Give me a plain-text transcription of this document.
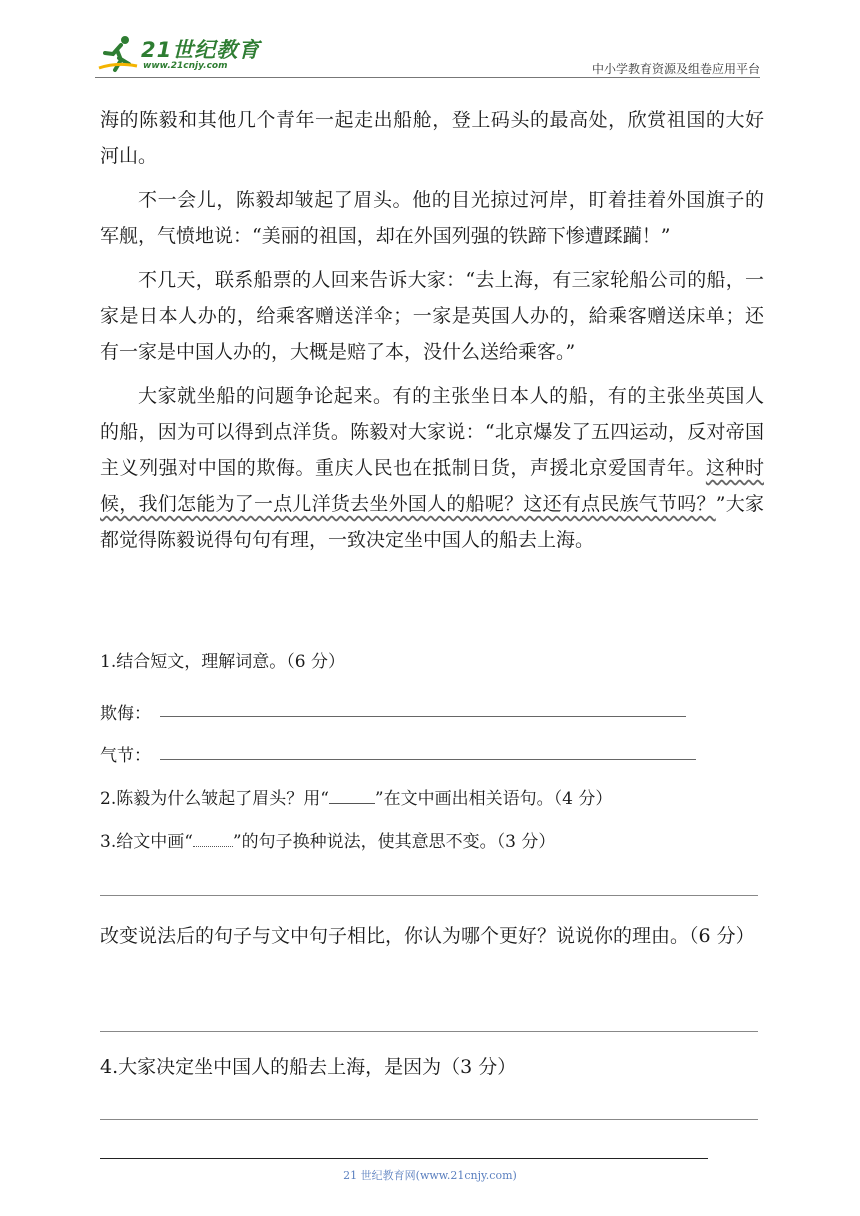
21世纪教育
www.21cnjy.com	中小学教育资源及组卷应用平台

海的陈毅和其他几个青年一起走出船舱，登上码头的最高处，欣赏祖国的大好河山。

不一会儿，陈毅却皱起了眉头。他的目光掠过河岸，盯着挂着外国旗子的军舰，气愤地说：“美丽的祖国，却在外国列强的铁蹄下惨遭蹂躏！”

不几天，联系船票的人回来告诉大家：“去上海，有三家轮船公司的船，一家是日本人办的，给乘客赠送洋伞；一家是英国人办的，給乘客赠送床单；还有一家是中国人办的，大概是赔了本，没什么送给乘客。”

大家就坐船的问题争论起来。有的主张坐日本人的船，有的主张坐英国人的船，因为可以得到点洋货。陈毅对大家说：“北京爆发了五四运动，反对帝国主义列强对中国的欺侮。重庆人民也在抵制日货，声援北京爱国青年。这种时候，我们怎能为了一点儿洋货去坐外国人的船呢？这还有点民族气节吗？”大家都觉得陈毅说得句句有理，一致决定坐中国人的船去上海。

1.结合短文，理解词意。（6 分）
欺侮：
气节：
2.陈毅为什么皱起了眉头？用“	”在文中画出相关语句。（4 分）
3.给文中画“ ”的句子换种说法，使其意思不变。（3 分）
改变说法后的句子与文中句子相比，你认为哪个更好？说说你的理由。（6 分）
4.大家决定坐中国人的船去上海，是因为（3 分）
21 世纪教育网(www.21cnjy.com)
